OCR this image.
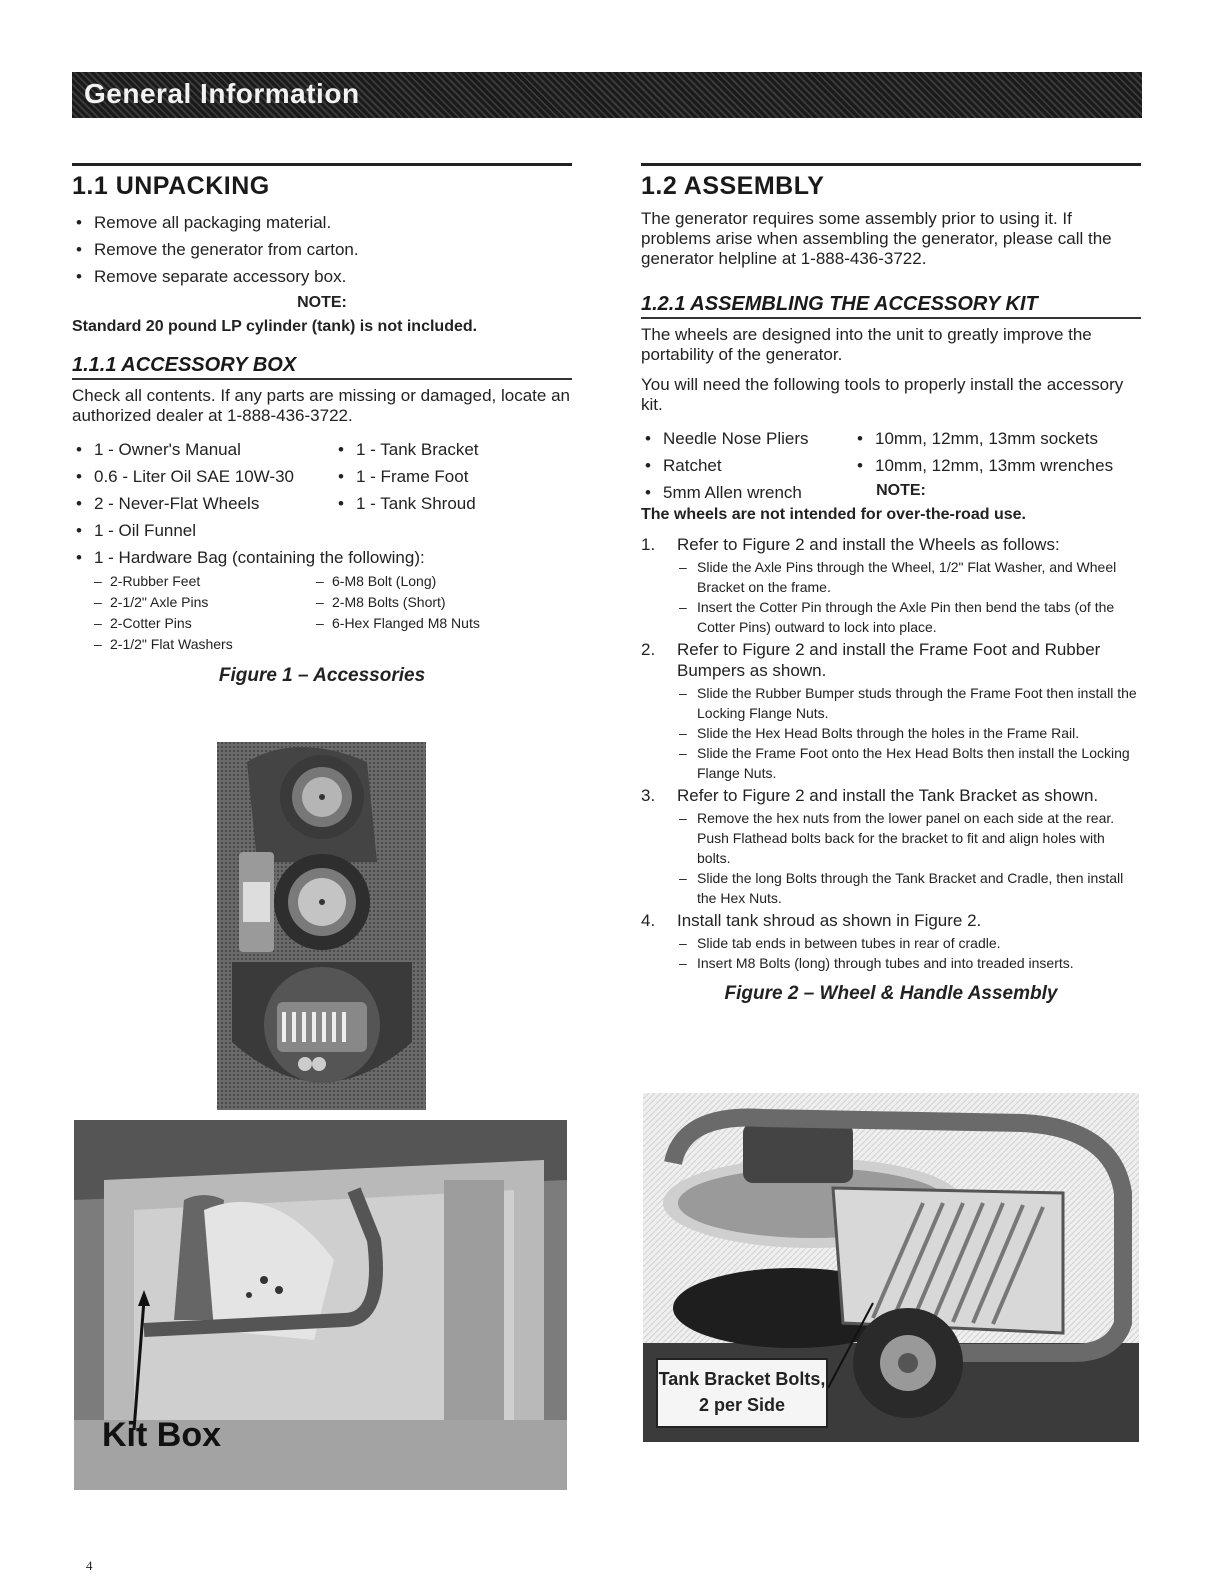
General Information
1.1 UNPACKING
• Remove all packaging material.
• Remove the generator from carton.
• Remove separate accessory box.
NOTE:
Standard 20 pound LP cylinder (tank) is not included.
1.1.1 ACCESSORY BOX

Check all contents. If any parts are missing or damaged, locate an authorized dealer at 1-888-436-3722.

• 1 - Owner's Manual
• 0.6 - Liter Oil SAE 10W-30
• 2 - Never-Flat Wheels
• 1 - Oil Funnel
• 1 - Tank Bracket
• 1 - Frame Foot
• 1 - Tank Shroud
• 1 - Hardware Bag (containing the following):
– 2-Rubber Feet	– 6-M8 Bolt (Long)
– 2-1/2" Axle Pins	– 2-M8 Bolts (Short)
– 2-Cotter Pins	– 6-Hex Flanged M8 Nuts
– 2-1/2" Flat Washers
Figure 1 – Accessories
Kit Box
1.2 ASSEMBLY

The generator requires some assembly prior to using it. If problems arise when assembling the generator, please call the generator helpline at 1-888-436-3722.

1.2.1 ASSEMBLING THE ACCESSORY KIT

The wheels are designed into the unit to greatly improve the portability of the generator.

You will need the following tools to properly install the accessory kit.

• Needle Nose Pliers
• Ratchet
• 5mm Allen wrench
• 10mm, 12mm, 13mm sockets
• 10mm, 12mm, 13mm wrenches
NOTE:
The wheels are not intended for over-the-road use.
1. Refer to Figure 2 and install the Wheels as follows:
– Slide the Axle Pins through the Wheel, 1/2" Flat Washer, and Wheel Bracket on the frame.
– Insert the Cotter Pin through the Axle Pin then bend the tabs (of the Cotter Pins) outward to lock into place.
2. Refer to Figure 2 and install the Frame Foot and Rubber Bumpers as shown.
– Slide the Rubber Bumper studs through the Frame Foot then install the Locking Flange Nuts.
– Slide the Hex Head Bolts through the holes in the Frame Rail.
– Slide the Frame Foot onto the Hex Head Bolts then install the Locking Flange Nuts.
3. Refer to Figure 2 and install the Tank Bracket as shown.
– Remove the hex nuts from the lower panel on each side at the rear. Push Flathead bolts back for the bracket to fit and align holes with bolts.
– Slide the long Bolts through the Tank Bracket and Cradle, then install the Hex Nuts.
4. Install tank shroud as shown in Figure 2.
– Slide tab ends in between tubes in rear of cradle.
– Insert M8 Bolts (long) through tubes and into treaded inserts.
Figure 2 – Wheel & Handle Assembly
Tank Bracket Bolts,
2 per Side
4
